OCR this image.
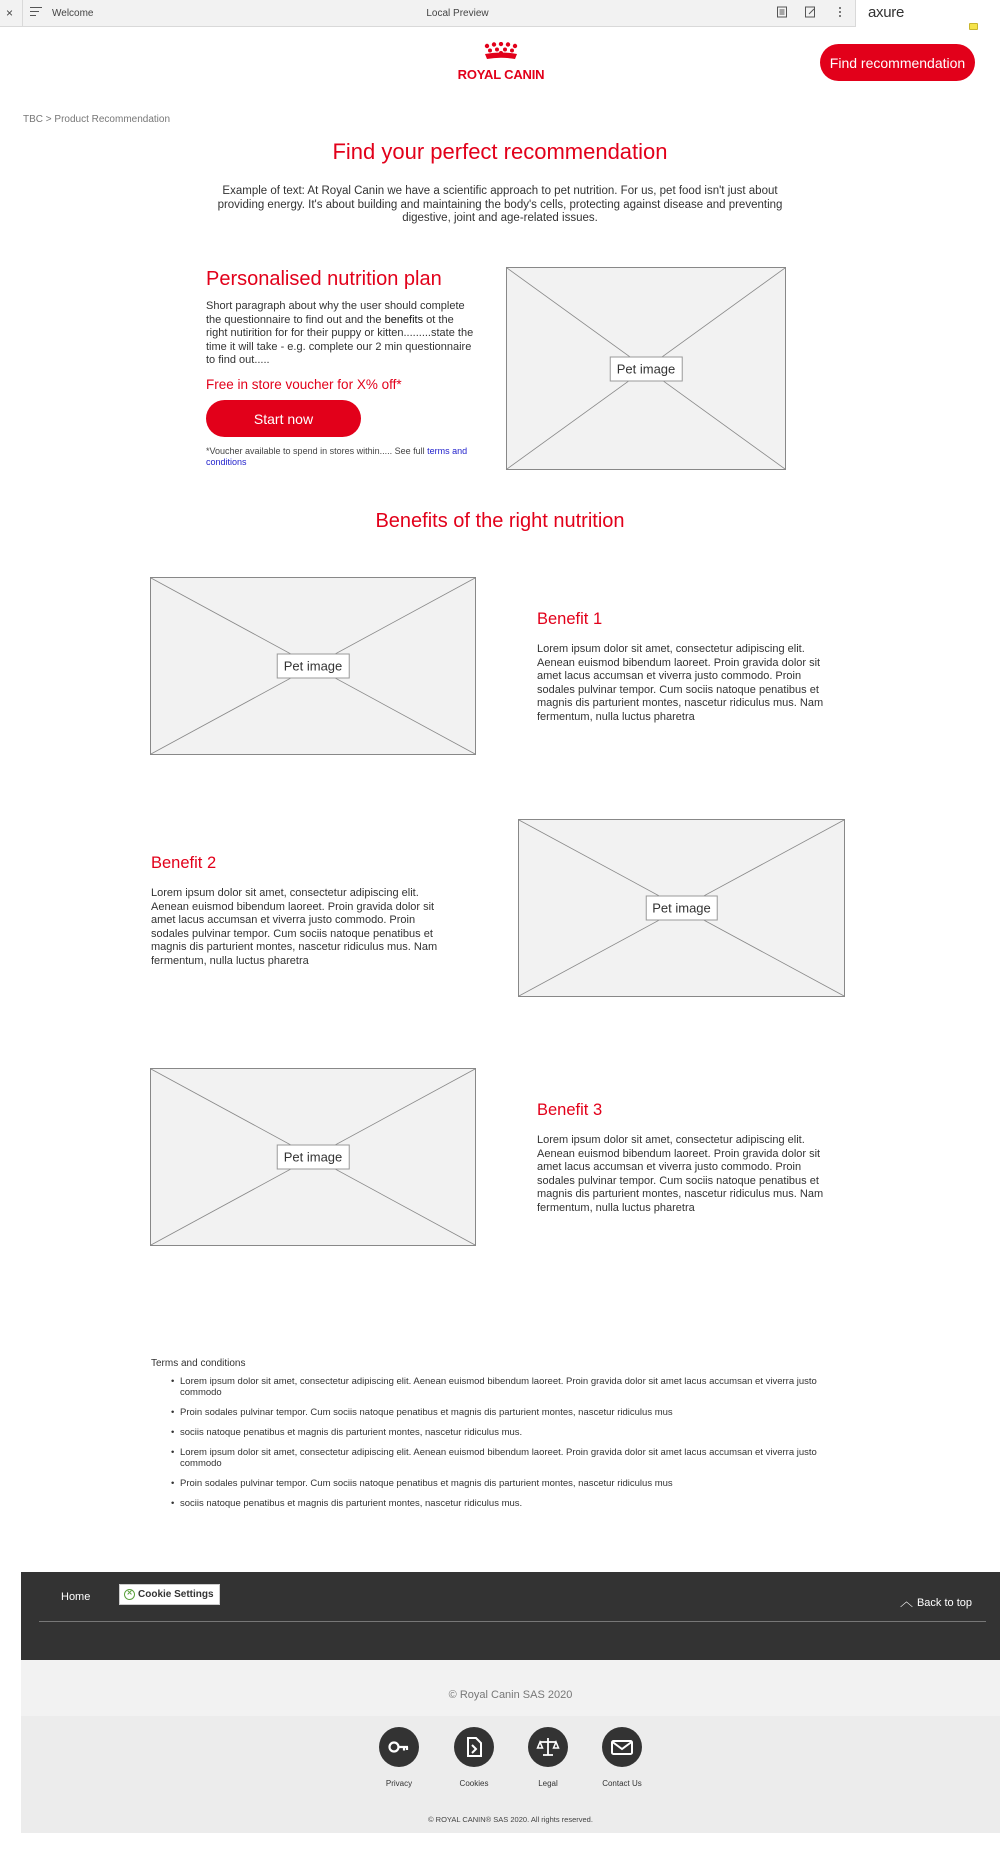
×	Welcome	Local Preview	axure
ROYAL CANIN
Find recommendation
TBC > Product Recommendation
Find your perfect recommendation

Example of text: At Royal Canin we have a scientific approach to pet nutrition. For us, pet food isn't just about providing energy. It's about building and maintaining the body's cells, protecting against disease and preventing digestive, joint and age-related issues.

Personalised nutrition plan

Short paragraph about why the user should complete the questionnaire to find out and the benefits ot the right nutirition for for their puppy or kitten.........state the time it will take - e.g. complete our 2 min questionnaire to find out.....

Free in store voucher for X% off*
Start now

*Voucher available to spend in stores within..... See full terms and conditions

Pet image
Benefits of the right nutrition
Pet image
Benefit 1

Lorem ipsum dolor sit amet, consectetur adipiscing elit. Aenean euismod bibendum laoreet. Proin gravida dolor sit amet lacus accumsan et viverra justo commodo. Proin sodales pulvinar tempor. Cum sociis natoque penatibus et magnis dis parturient montes, nascetur ridiculus mus. Nam fermentum, nulla luctus pharetra

Benefit 2

Lorem ipsum dolor sit amet, consectetur adipiscing elit. Aenean euismod bibendum laoreet. Proin gravida dolor sit amet lacus accumsan et viverra justo commodo. Proin sodales pulvinar tempor. Cum sociis natoque penatibus et magnis dis parturient montes, nascetur ridiculus mus. Nam fermentum, nulla luctus pharetra

Pet image
Pet image
Benefit 3

Lorem ipsum dolor sit amet, consectetur adipiscing elit. Aenean euismod bibendum laoreet. Proin gravida dolor sit amet lacus accumsan et viverra justo commodo. Proin sodales pulvinar tempor. Cum sociis natoque penatibus et magnis dis parturient montes, nascetur ridiculus mus. Nam fermentum, nulla luctus pharetra

Terms and conditions
• Lorem ipsum dolor sit amet, consectetur adipiscing elit. Aenean euismod bibendum laoreet. Proin gravida dolor sit amet lacus accumsan et viverra justo commodo
• Proin sodales pulvinar tempor. Cum sociis natoque penatibus et magnis dis parturient montes, nascetur ridiculus mus
• sociis natoque penatibus et magnis dis parturient montes, nascetur ridiculus mus.
• Lorem ipsum dolor sit amet, consectetur adipiscing elit. Aenean euismod bibendum laoreet. Proin gravida dolor sit amet lacus accumsan et viverra justo commodo
• Proin sodales pulvinar tempor. Cum sociis natoque penatibus et magnis dis parturient montes, nascetur ridiculus mus
• sociis natoque penatibus et magnis dis parturient montes, nascetur ridiculus mus.
Home	✕ Cookie Settings	︿ Back to top
© Royal Canin SAS 2020
Privacy	Cookies	Legal	Contact Us
© ROYAL CANIN® SAS 2020. All rights reserved.
